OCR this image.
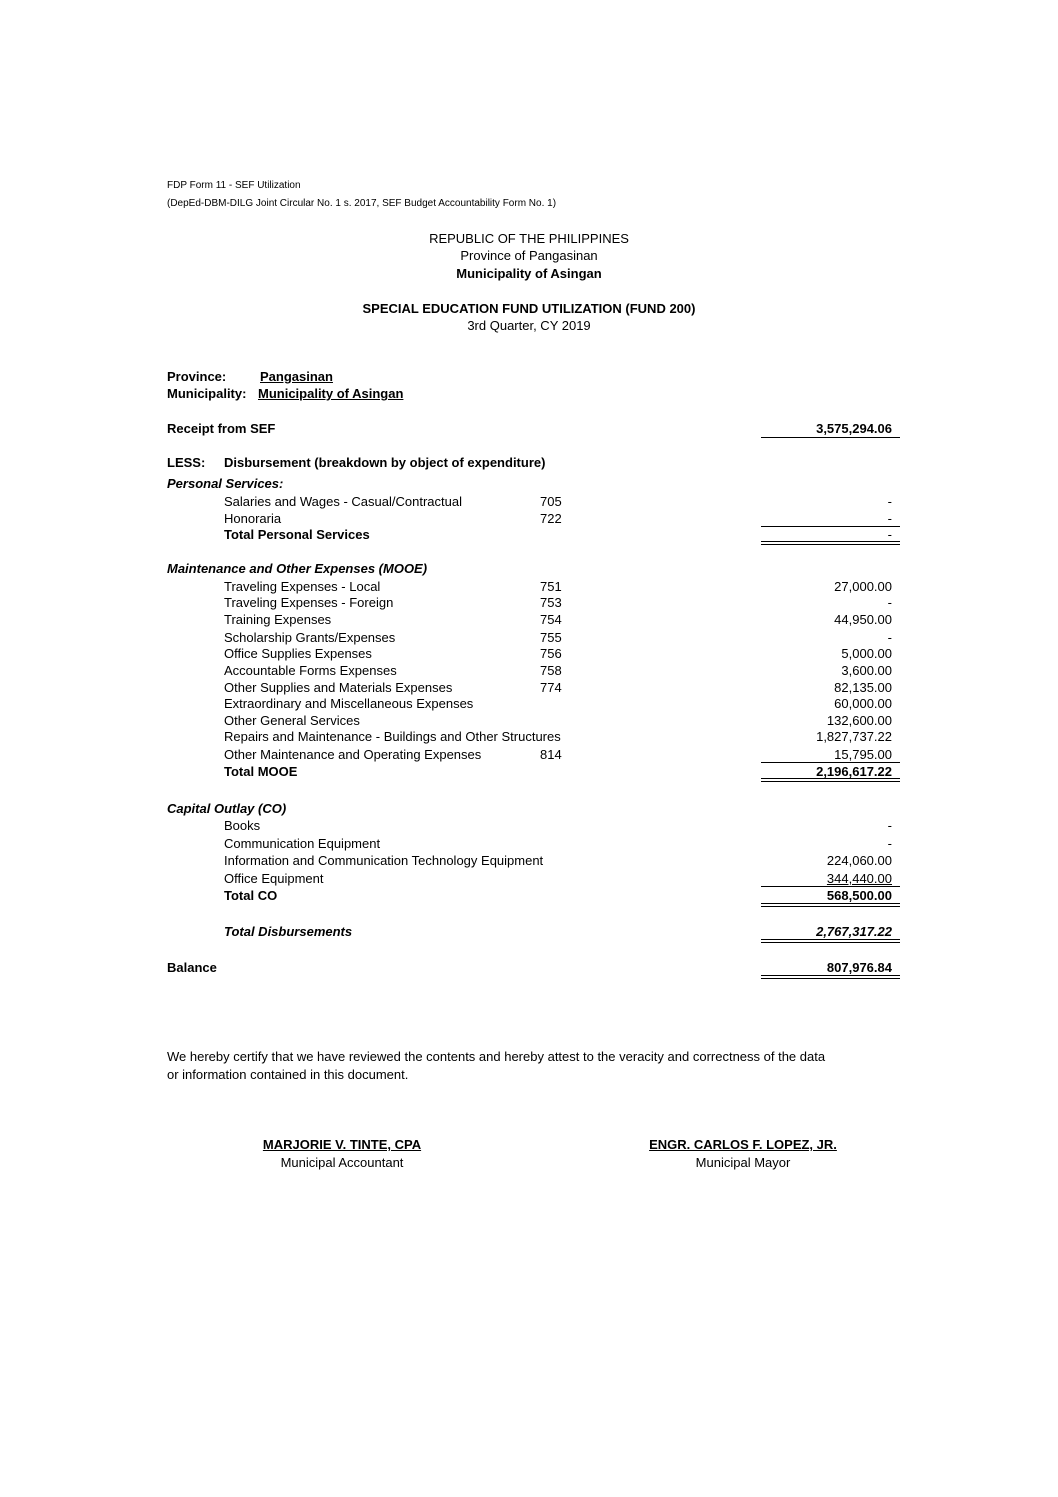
FDP Form 11 - SEF Utilization
(DepEd-DBM-DILG Joint Circular No. 1 s. 2017, SEF Budget Accountability Form No. 1)
REPUBLIC OF THE PHILIPPINES
Province of Pangasinan
Municipality of Asingan
SPECIAL EDUCATION FUND UTILIZATION (FUND 200)
3rd Quarter, CY 2019
Province:	Pangasinan
Municipality: Municipality of Asingan
Receipt from SEF	3,575,294.06
LESS: Disbursement (breakdown by object of expenditure)
Personal Services:
Salaries and Wages - Casual/Contractual	705	-
Honoraria	722	-
Total Personal Services	-
Maintenance and Other Expenses (MOOE)
Traveling Expenses - Local	751	27,000.00
Traveling Expenses - Foreign	753	-
Training Expenses	754	44,950.00
Scholarship Grants/Expenses	755	-
Office Supplies Expenses	756	5,000.00
Accountable Forms Expenses	758	3,600.00
Other Supplies and Materials Expenses	774	82,135.00
Extraordinary and Miscellaneous Expenses	60,000.00
Other General Services	132,600.00
Repairs and Maintenance - Buildings and Other Structures	1,827,737.22
Other Maintenance and Operating Expenses	814	15,795.00
Total MOOE	2,196,617.22
Capital Outlay (CO)
Books	-
Communication Equipment	-
Information and Communication Technology Equipment	224,060.00
Office Equipment	344,440.00
Total CO	568,500.00
Total Disbursements	2,767,317.22
Balance	807,976.84
We hereby certify that we have reviewed the contents and hereby attest to the veracity and correctness of the data
or information contained in this document.
MARJORIE V. TINTE, CPA
Municipal Accountant
ENGR. CARLOS F. LOPEZ, JR.
Municipal Mayor
